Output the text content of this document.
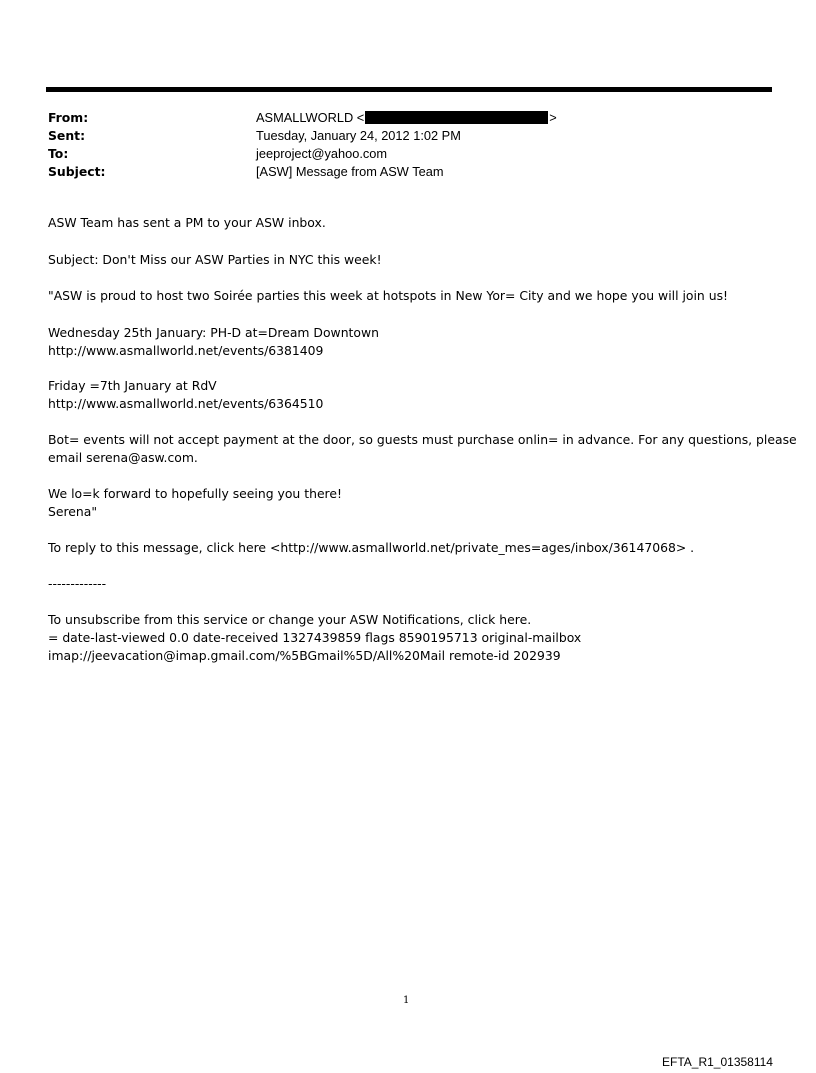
From:	ASMALLWORLD <	>
Sent:	Tuesday, January 24, 2012 1:02 PM
To:	jeeproject@yahoo.com
Subject:	[ASW] Message from ASW Team
ASW Team has sent a PM to your ASW inbox.
Subject: Don't Miss our ASW Parties in NYC this week!
"ASW is proud to host two Soirée parties this week at hotspots in New Yor= City and we hope you will join us!
Wednesday 25th January: PH-D at=Dream Downtown
http://www.asmallworld.net/events/6381409
Friday =7th January at RdV
http://www.asmallworld.net/events/6364510
Bot= events will not accept payment at the door, so guests must purchase onlin= in advance. For any questions, please
email serena@asw.com.
We lo=k forward to hopefully seeing you there!
Serena"
To reply to this message, click here <http://www.asmallworld.net/private_mes=ages/inbox/36147068> .
-------------
To unsubscribe from this service or change your ASW Notifications, click here.
= date-last-viewed 0.0 date-received 1327439859 flags 8590195713 original-mailbox
imap://jeevacation@imap.gmail.com/%5BGmail%5D/All%20Mail remote-id 202939
1
EFTA_R1_01358114
